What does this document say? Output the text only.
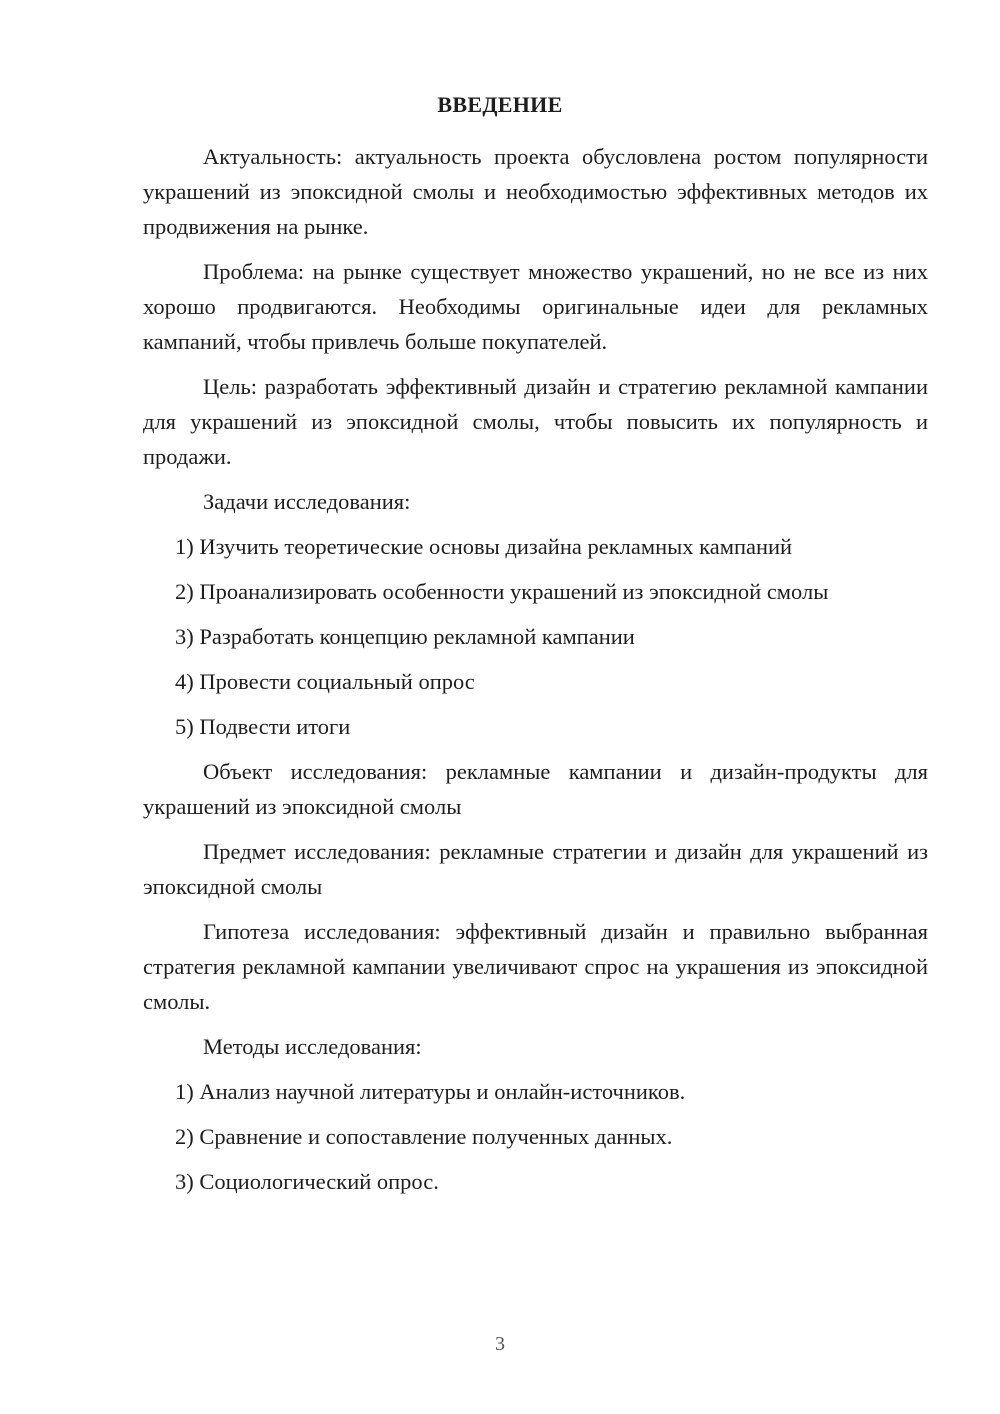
ВВЕДЕНИЕ

Актуальность: актуальность проекта обусловлена ростом популярности украшений из эпоксидной смолы и необходимостью эффективных методов их продвижения на рынке.

Проблема: на рынке существует множество украшений, но не все из них хорошо продвигаются. Необходимы оригинальные идеи для рекламных кампаний, чтобы привлечь больше покупателей.

Цель: разработать эффективный дизайн и стратегию рекламной кампании для украшений из эпоксидной смолы, чтобы повысить их популярность и продажи.

Задачи исследования:

1) Изучить теоретические основы дизайна рекламных кампаний
2) Проанализировать особенности украшений из эпоксидной смолы
3) Разработать концепцию рекламной кампании
4) Провести социальный опрос
5) Подвести итоги

Объект исследования: рекламные кампании и дизайн-продукты для украшений из эпоксидной смолы

Предмет исследования: рекламные стратегии и дизайн для украшений из эпоксидной смолы

Гипотеза исследования: эффективный дизайн и правильно выбранная стратегия рекламной кампании увеличивают спрос на украшения из эпоксидной смолы.

Методы исследования:

1) Анализ научной литературы и онлайн-источников.
2) Сравнение и сопоставление полученных данных.
3) Социологический опрос.
3
